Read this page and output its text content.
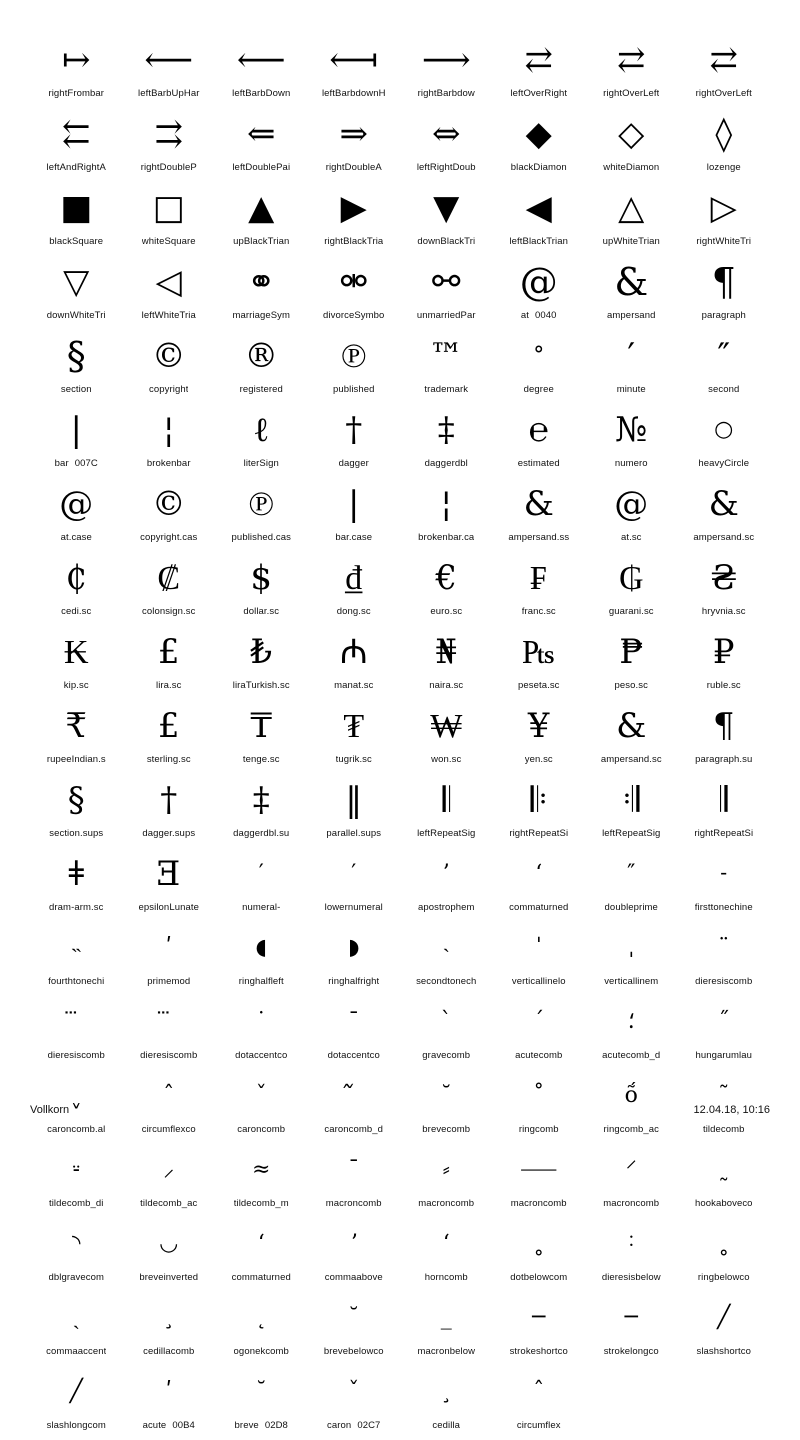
↦
rightFrombar
⟵
leftBarbUpHar
⟵
leftBarbDown
⟻
leftBarbdownH
⟶
rightBarbdow
⇄
leftOverRight
⇄
rightOverLeft
⇄
rightOverLeft
⇇
leftAndRightA
⇉
rightDoubleP
⇐
leftDoublePai
⇒
rightDoubleA
⇔
leftRightDoub
◆
blackDiamon
◇
whiteDiamon
◊
lozenge
■
blackSquare
□
whiteSquare
▲
upBlackTrian
▶
rightBlackTria
▼
downBlackTri
◀
leftBlackTrian
△
upWhiteTrian
▷
rightWhiteTri
▽
downWhiteTri
◁
leftWhiteTria
⚭
marriageSym
⚮
divorceSymbo
⚯
unmarriedPar
@
at 0040
&
ampersand
¶
paragraph
§
section
©
copyright
®
registered
℗
published
™
trademark
°
degree
′
minute
″
second
|
bar 007C
¦
brokenbar
ℓ
literSign
†
dagger
‡
daggerdbl
℮
estimated
№
numero
○
heavyCircle
@
at.case
©
copyright.cas
℗
published.cas
|
bar.case
¦
brokenbar.ca
&
ampersand.ss
@
at.sc
&
ampersand.sc
₵
cedi.sc
₡
colonsign.sc
$
dollar.sc
₫
dong.sc
€
euro.sc
₣
franc.sc
₲
guarani.sc
₴
hryvnia.sc
₭
kip.sc
£
lira.sc
₺
liraTurkish.sc
₼
manat.sc
₦
naira.sc
₧
peseta.sc
₱
peso.sc
₽
ruble.sc
₹
rupeeIndian.s
£
sterling.sc
₸
tenge.sc
₮
tugrik.sc
₩
won.sc
¥
yen.sc
&
ampersand.sc
¶
paragraph.su
§
section.sups
†
dagger.sups
‡
daggerdbl.su
‖
parallel.sups
𝄃
leftRepeatSig
𝄆
rightRepeatSi
𝄇
leftRepeatSig
𝄂
rightRepeatSi
ǂ
dram-arm.sc
Ǝ
epsilonLunate
′
numeral-
′
lowernumeral
’
apostrophem
‘
commaturned
″
doubleprime
˗
firsttonechine
˵
fourthtonechi
ʹ
primemod
◖
ringhalfleft
◗
ringhalfright
˴
secondtonech
ˈ
verticallinelo
ˌ
verticallinem
¨
dieresiscomb
dieresiscomb	dieresiscomb
˙
dotaccentco
¯
dotaccentco
`
gravecomb
´
acutecomb
⸵
acutecomb_d
˝
hungarumlau
ˬ
caroncomb.al
ˆ
circumflexco
ˇ
caroncomb	caroncomb_d
˘
brevecomb
˚
ringcomb
ṍ
ringcomb_ac
˜
tildecomb
⸚
tildecomb_di
⸝
tildecomb_ac
≈
tildecomb_m
¯
macroncomb
⸗
macroncomb
⸺
macroncomb
⸍
macroncomb
˷
hookaboveco
◝
dblgravecom
◡
breveinverted
‘
commaturned
ʼ
commaabove
ʻ
horncomb
˳
dotbelowcom
˸
dieresisbelow
˳
ringbelowco
ˏ
commaaccent
¸
cedillacomb
˛
ogonekcomb
˘
brevebelowco
_
macronbelow
─
strokeshortco
─
strokelongco
╱
slashshortco
╱
slashlongcom
ʹ
acute 00B4
˘
breve 02D8
ˇ
caron 02C7
¸
cedilla
ˆ
circumflex
Vollkorn	12.04.18, 10:16
